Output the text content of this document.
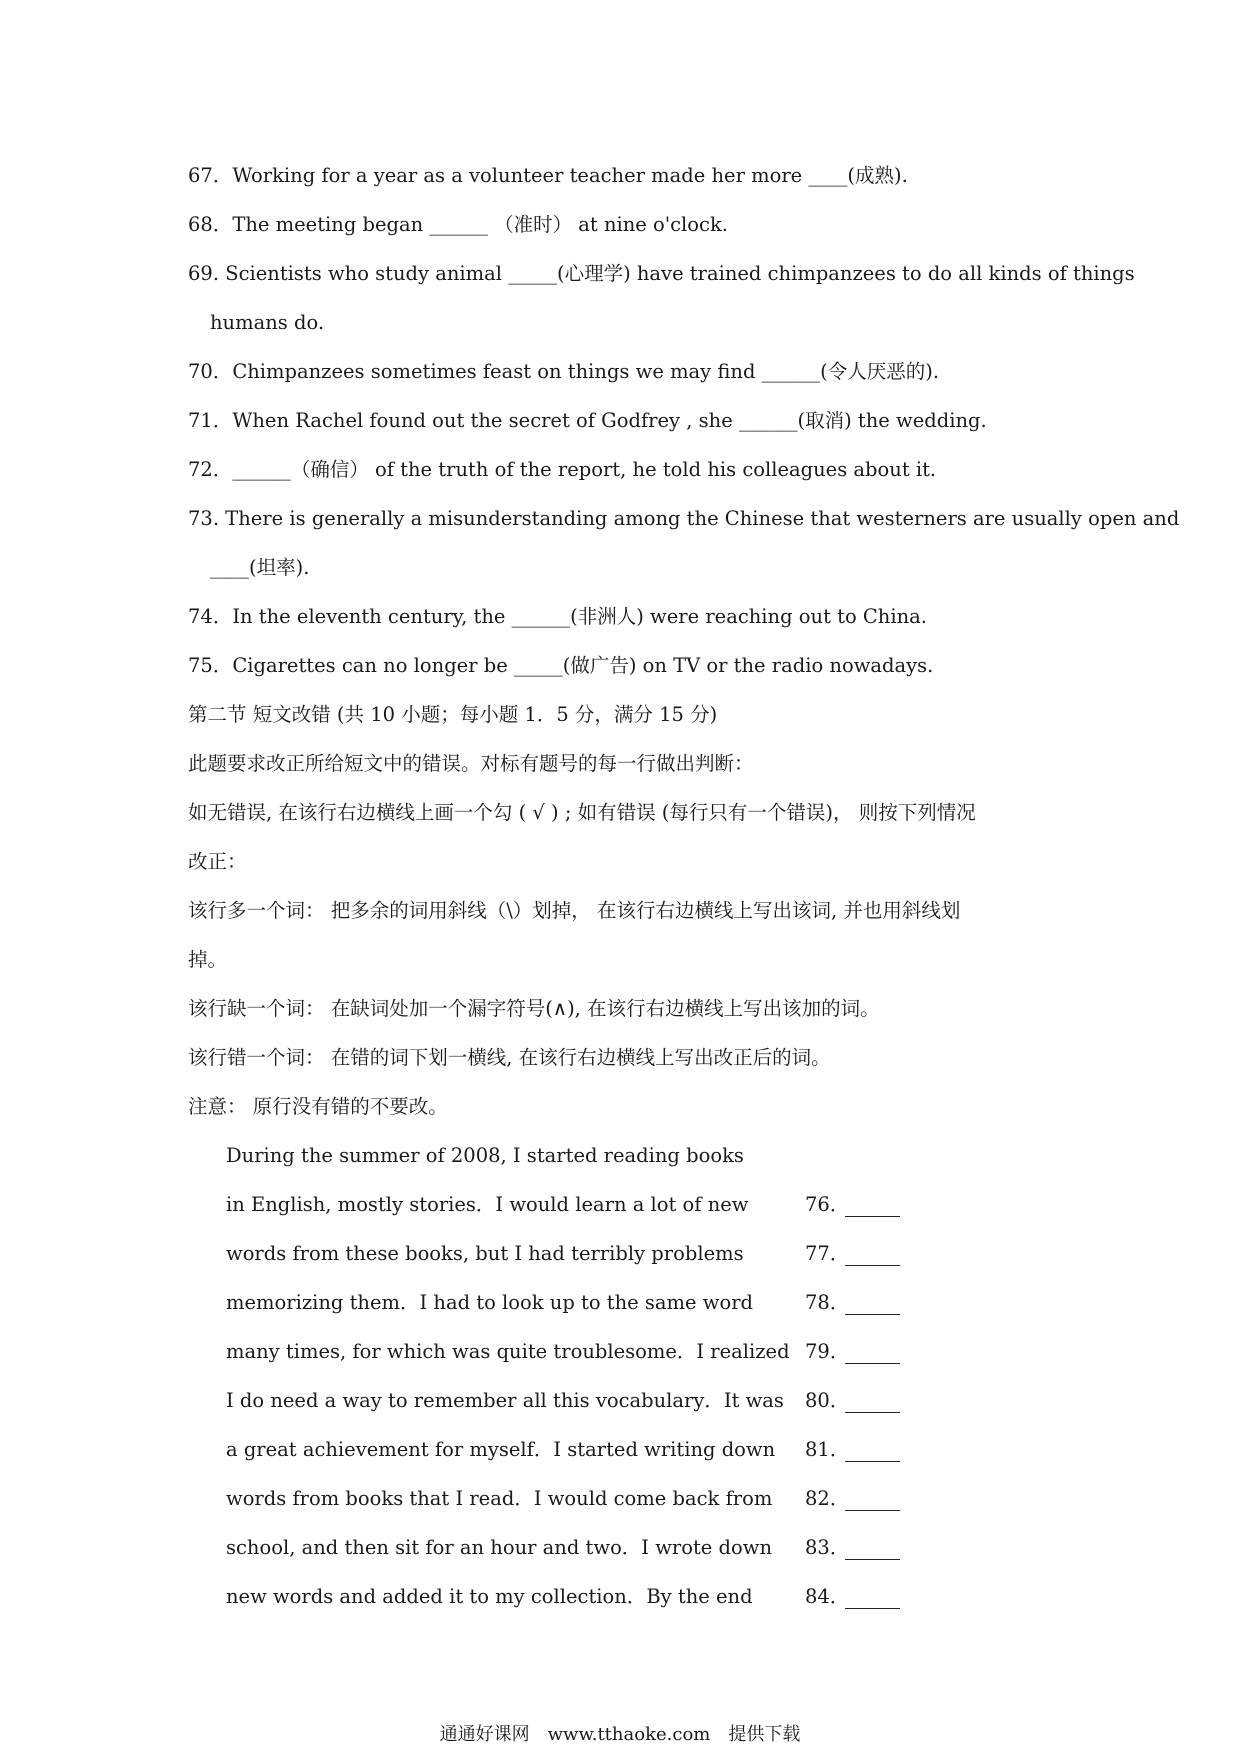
67．Working for a year as a volunteer teacher made her more ____(成熟).
68．The meeting began ______ （准时） at nine o'clock.
69. Scientists who study animal _____(心理学) have trained chimpanzees to do all kinds of things
humans do.
70．Chimpanzees sometimes feast on things we may find ______(令人厌恶的).
71．When Rachel found out the secret of Godfrey , she ______(取消) the wedding.
72．______（确信） of the truth of the report, he told his colleagues about it.
73. There is generally a misunderstanding among the Chinese that westerners are usually open and
____(坦率).
74．In the eleventh century, the ______(非洲人) were reaching out to China.
75．Cigarettes can no longer be _____(做广告) on TV or the radio nowadays.
第二节 短文改错 (共 10 小题；每小题 1．5 分，满分 15 分)
此题要求改正所给短文中的错误。对标有题号的每一行做出判断：
如无错误, 在该行右边横线上画一个勾 ( √ ) ; 如有错误 (每行只有一个错误)， 则按下列情况
改正：
该行多一个词： 把多余的词用斜线（\）划掉， 在该行右边横线上写出该词, 并也用斜线划
掉。
该行缺一个词： 在缺词处加一个漏字符号(∧), 在该行右边横线上写出该加的词。
该行错一个词： 在错的词下划一横线, 在该行右边横线上写出改正后的词。
注意： 原行没有错的不要改。
During the summer of 2008, I started reading books
in English, mostly stories．I would learn a lot of new	76．
words from these books, but I had terribly problems	77．
memorizing them．I had to look up to the same word	78．
many times, for which was quite troublesome．I realized 79．
I do need a way to remember all this vocabulary．It was 80．
a great achievement for myself．I started writing down	81．
words from books that I read．I would come back from	82．
school, and then sit for an hour and two．I wrote down	83．
new words and added it to my collection．By the end	84．
通通好课网　www.tthaoke.com　提供下载
